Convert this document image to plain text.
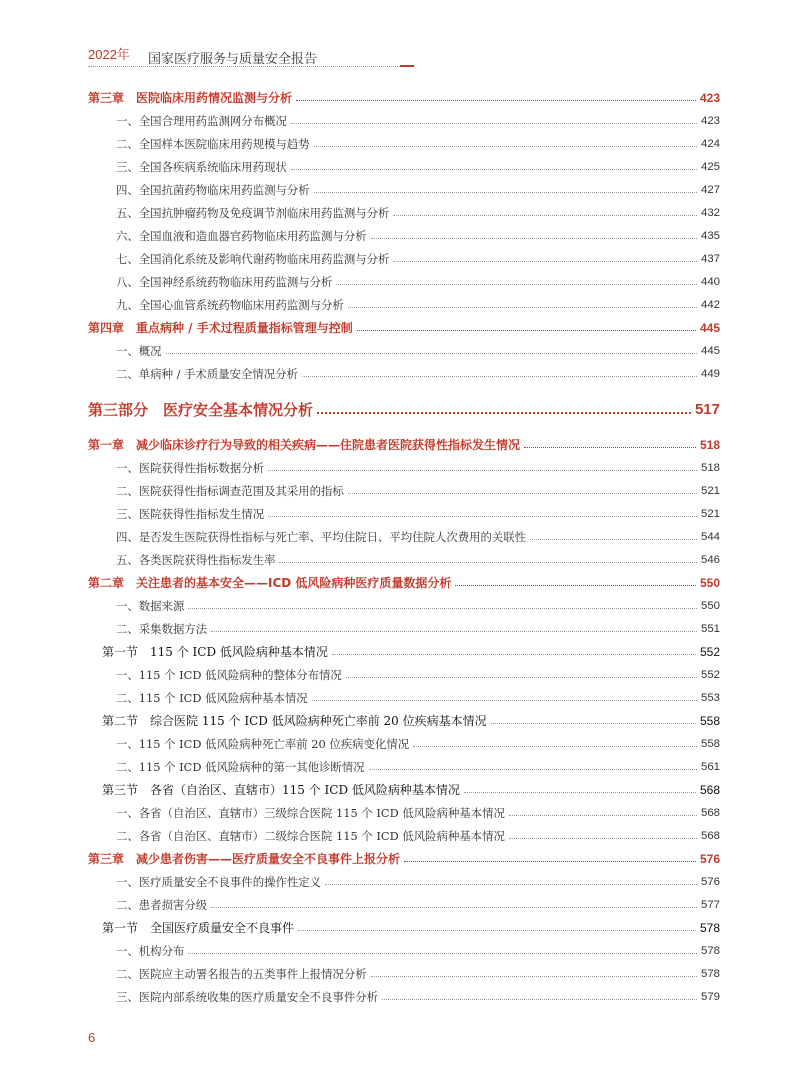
2022年 国家医疗服务与质量安全报告
第三章　医院临床用药情况监测与分析	423
一、全国合理用药监测网分布概况	423
二、全国样本医院临床用药规模与趋势	424
三、全国各疾病系统临床用药现状	425
四、全国抗菌药物临床用药监测与分析	427
五、全国抗肿瘤药物及免疫调节剂临床用药监测与分析	432
六、全国血液和造血器官药物临床用药监测与分析	435
七、全国消化系统及影响代谢药物临床用药监测与分析	437
八、全国神经系统药物临床用药监测与分析	440
九、全国心血管系统药物临床用药监测与分析	442
第四章　重点病种 / 手术过程质量指标管理与控制	445
一、概况	445
二、单病种 / 手术质量安全情况分析	449
第三部分　医疗安全基本情况分析	517
第一章　减少临床诊疗行为导致的相关疾病——住院患者医院获得性指标发生情况	518
一、医院获得性指标数据分析	518
二、医院获得性指标调查范围及其采用的指标	521
三、医院获得性指标发生情况	521
四、是否发生医院获得性指标与死亡率、平均住院日、平均住院人次费用的关联性	544
五、各类医院获得性指标发生率	546
第二章　关注患者的基本安全——ICD 低风险病种医疗质量数据分析	550
一、数据来源	550
二、采集数据方法	551
第一节　115 个 ICD 低风险病种基本情况	552
一、115 个 ICD 低风险病种的整体分布情况	552
二、115 个 ICD 低风险病种基本情况	553
第二节　综合医院 115 个 ICD 低风险病种死亡率前 20 位疾病基本情况	558
一、115 个 ICD 低风险病种死亡率前 20 位疾病变化情况	558
二、115 个 ICD 低风险病种的第一其他诊断情况	561
第三节　各省（自治区、直辖市）115 个 ICD 低风险病种基本情况	568
一、各省（自治区、直辖市）三级综合医院 115 个 ICD 低风险病种基本情况	568
二、各省（自治区、直辖市）二级综合医院 115 个 ICD 低风险病种基本情况	568
第三章　减少患者伤害——医疗质量安全不良事件上报分析	576
一、医疗质量安全不良事件的操作性定义	576
二、患者损害分级	577
第一节　全国医疗质量安全不良事件	578
一、机构分布	578
二、医院应主动署名报告的五类事件上报情况分析	578
三、医院内部系统收集的医疗质量安全不良事件分析	579
6
